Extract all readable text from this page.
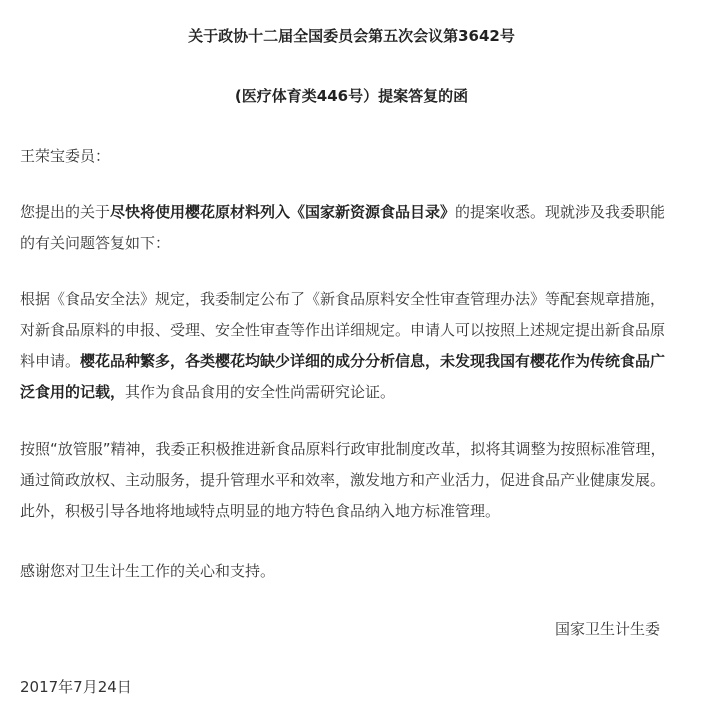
关于政协十二届全国委员会第五次会议第3642号
(医疗体育类446号）提案答复的函

王荣宝委员：

您提出的关于尽快将使用樱花原材料列入《国家新资源食品目录》的提案收悉。现就涉及我委职能的有关问题答复如下：

根据《食品安全法》规定，我委制定公布了《新食品原料安全性审查管理办法》等配套规章措施，对新食品原料的申报、受理、安全性审查等作出详细规定。申请人可以按照上述规定提出新食品原料申请。樱花品种繁多，各类樱花均缺少详细的成分分析信息，未发现我国有樱花作为传统食品广泛食用的记载，其作为食品食用的安全性尚需研究论证。

按照“放管服”精神，我委正积极推进新食品原料行政审批制度改革，拟将其调整为按照标准管理，通过简政放权、主动服务，提升管理水平和效率，激发地方和产业活力，促进食品产业健康发展。此外，积极引导各地将地域特点明显的地方特色食品纳入地方标准管理。

感谢您对卫生计生工作的关心和支持。

国家卫生计生委
2017年7月24日
